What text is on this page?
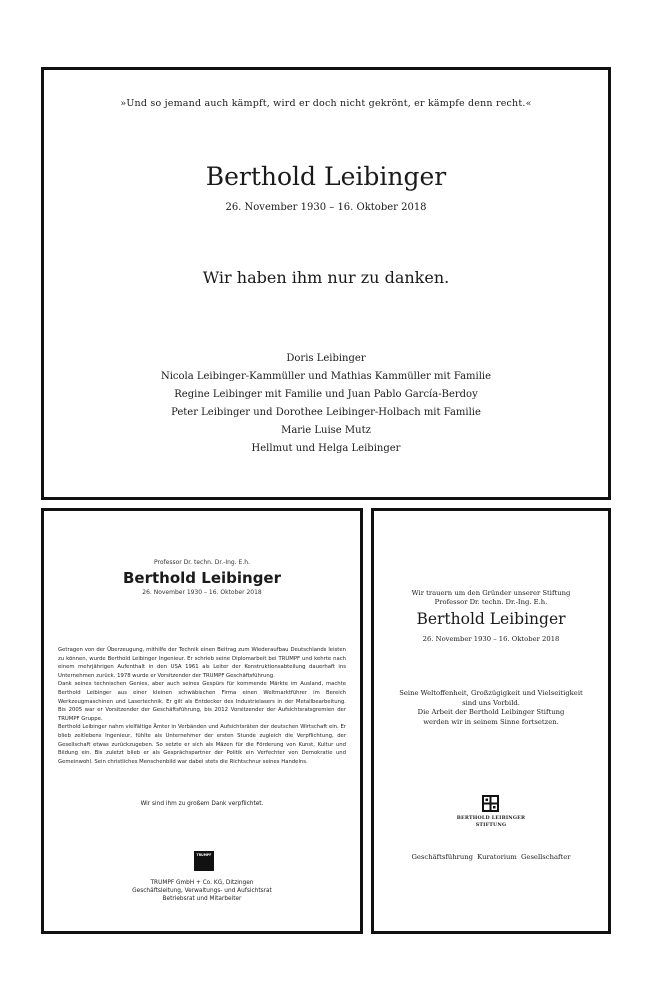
»Und so jemand auch kämpft, wird er doch nicht gekrönt, er kämpfe denn recht.«

Berthold Leibinger

26. November 1930 – 16. Oktober 2018

Wir haben ihm nur zu danken.

Doris Leibinger
Nicola Leibinger-Kammüller und Mathias Kammüller mit Familie
Regine Leibinger mit Familie und Juan Pablo García-Berdoy
Peter Leibinger und Dorothee Leibinger-Holbach mit Familie
Marie Luise Mutz
Hellmut und Helga Leibinger

Professor Dr. techn. Dr.-Ing. E.h.

Berthold Leibinger

26. November 1930 – 16. Oktober 2018

Getragen von der Überzeugung, mithilfe der Technik einen Beitrag zum Wiederaufbau Deutschlands leisten zu können, wurde Berthold Leibinger Ingenieur. Er schrieb seine Diplomarbeit bei TRUMPF und kehrte nach einem mehrjährigen Aufenthalt in den USA 1961 als Leiter der Konstruktionsabteilung dauerhaft ins Unternehmen zurück. 1978 wurde er Vorsitzender der TRUMPF Geschäftsführung.

Dank seines technischen Genies, aber auch seines Gespürs für kommende Märkte im Ausland, machte Berthold Leibinger aus einer kleinen schwäbischen Firma einen Weltmarktführer im Bereich Werkzeugmaschinen und Lasertechnik. Er gilt als Entdecker des Industrielasers in der Metallbearbeitung. Bis 2005 war er Vorsitzender der Geschäftsführung, bis 2012 Vorsitzender der Aufsichtsratsgremien der TRUMPF Gruppe.

Berthold Leibinger nahm vielfältige Ämter in Verbänden und Aufsichtsräten der deutschen Wirtschaft ein. Er blieb zeitlebens Ingenieur, fühlte als Unternehmer der ersten Stunde zugleich die Verpflichtung, der Gesellschaft etwas zurückzugeben. So setzte er sich als Mäzen für die Förderung von Kunst, Kultur und Bildung ein. Bis zuletzt blieb er als Gesprächspartner der Politik ein Verfechter von Demokratie und Gemeinwohl. Sein christliches Menschenbild war dabei stets die Richtschnur seines Handelns.

Wir sind ihm zu großem Dank verpflichtet.

TRUMPF
TRUMPF GmbH + Co. KG, Ditzingen
Geschäftsleitung, Verwaltungs- und Aufsichtsrat
Betriebsrat und Mitarbeiter
Wir trauern um den Gründer unserer Stiftung
Professor Dr. techn. Dr.-Ing. E.h.

Berthold Leibinger

26. November 1930 – 16. Oktober 2018

Seine Weltoffenheit, Großzügigkeit und Vielseitigkeit
sind uns Vorbild.
Die Arbeit der Berthold Leibinger Stiftung
werden wir in seinem Sinne fortsetzen.
BERTHOLD LEIBINGER
STIFTUNG

Geschäftsführung Kuratorium Gesellschafter
